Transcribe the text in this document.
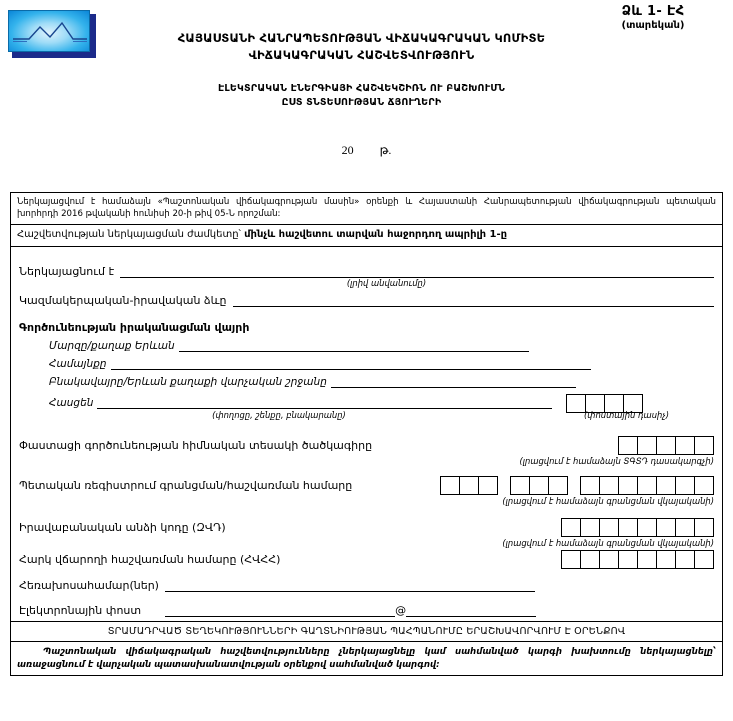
Ձև 1- ԷՀ
(տարեկան)
ՀԱՅԱՍՏԱՆԻ ՀԱՆՐԱՊԵՏՈՒԹՅԱՆ ՎԻՃԱԿԱԳՐԱԿԱՆ ԿՈՄԻՏԵ
ՎԻՃԱԿԱԳՐԱԿԱՆ ՀԱՇՎԵՏՎՈՒԹՅՈՒՆ
ԷԼԵԿՏՐԱԿԱՆ ԷՆԵՐԳԻԱՅԻ ՀԱՇՎԵԿՇԻՌՆ ՈՒ ԲԱՇԽՈՒՄՆ
ԸՍՏ ՏՆՏԵՍՈՒԹՅԱՆ ՃՅՈՒՂԵՐԻ
20 թ.
Ներկայացվում է համաձայն «Պաշտոնական վիճակագրության մասին» օրենքի և Հայաստանի Հանրապետության վիճակագրության պետական խորհրդի 2016 թվականի հունիսի 20-ի թիվ 05-Ն որոշման:
Հաշվետվության ներկայացման ժամկետը՝ մինչև հաշվետու տարվան հաջորդող ապրիլի 1-ը
Ներկայացնում է
(լրիվ անվանումը)
Կազմակերպական-իրավական ձևը
Գործունեության իրականացման վայրի
Մարզը/քաղաք Երևան
Համայնքը
Բնակավայրը/Երևան քաղաքի վարչական շրջանը
Հասցեն
(փողոցը, շենքը, բնակարանը)	(փոստային դասիչ)
Փաստացի գործունեության հիմնական տեսակի ծածկագիրը
(լրացվում է համաձայն ՏԳՏԴ դասակարգչի)
Պետական ռեգիստրում գրանցման/հաշվառման համարը
(լրացվում է համաձայն գրանցման վկայականի)
Իրավաբանական անձի կոդը (ԶՎԴ)
(լրացվում է համաձայն գրանցման վկայականի)
Հարկ վճարողի հաշվառման համարը (ՀՎՀՀ)
Հեռախոսահամար(ներ)
Էլեկտրոնային փոստ	@
ՏՐԱՄԱԴՐՎԱԾ ՏԵՂԵԿՈՒԹՅՈՒՆՆԵՐԻ ԳԱՂՏՆԻՈՒԹՅԱՆ ՊԱՀՊԱՆՈՒՄԸ ԵՐԱՇԽԱՎՈՐՎՈՒՄ Է ՕՐԵՆՔՈՎ
Պաշտոնական վիճակագրական հաշվետվությունները չներկայացնելը կամ սահմանված կարգի խախտումը ներկայացնելը՝ առաջացնում է վարչական պատասխանատվության օրենքով սահմանված կարգով:
